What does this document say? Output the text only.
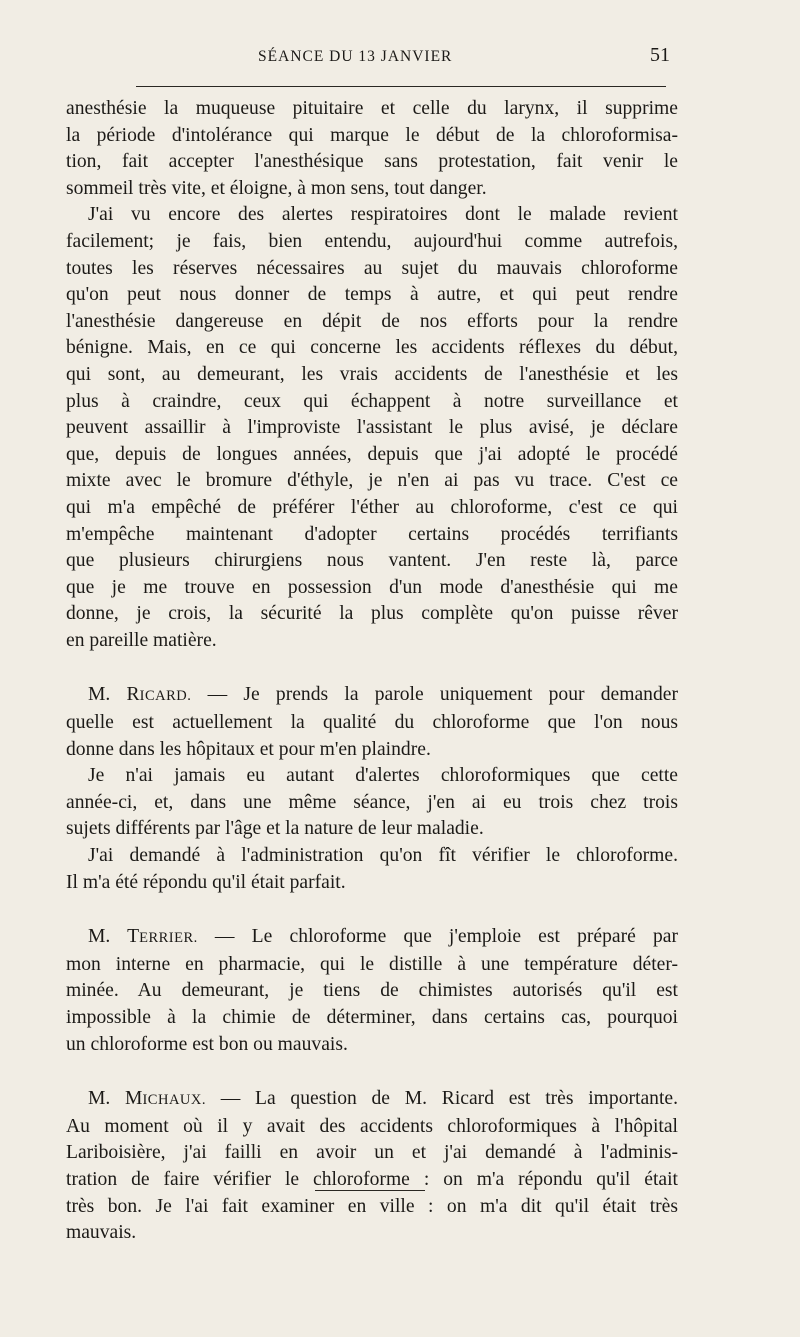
SÉANCE DU 13 JANVIER	51
anesthésie la muqueuse pituitaire et celle du larynx, il supprime
la période d'intolérance qui marque le début de la chloroformisa-
tion, fait accepter l'anesthésique sans protestation, fait venir le
sommeil très vite, et éloigne, à mon sens, tout danger.
J'ai vu encore des alertes respiratoires dont le malade revient
facilement; je fais, bien entendu, aujourd'hui comme autrefois,
toutes les réserves nécessaires au sujet du mauvais chloroforme
qu'on peut nous donner de temps à autre, et qui peut rendre
l'anesthésie dangereuse en dépit de nos efforts pour la rendre
bénigne. Mais, en ce qui concerne les accidents réflexes du début,
qui sont, au demeurant, les vrais accidents de l'anesthésie et les
plus à craindre, ceux qui échappent à notre surveillance et
peuvent assaillir à l'improviste l'assistant le plus avisé, je déclare
que, depuis de longues années, depuis que j'ai adopté le procédé
mixte avec le bromure d'éthyle, je n'en ai pas vu trace. C'est ce
qui m'a empêché de préférer l'éther au chloroforme, c'est ce qui
m'empêche maintenant d'adopter certains procédés terrifiants
que plusieurs chirurgiens nous vantent. J'en reste là, parce
que je me trouve en possession d'un mode d'anesthésie qui me
donne, je crois, la sécurité la plus complète qu'on puisse rêver
en pareille matière.
M. RICARD. — Je prends la parole uniquement pour demander
quelle est actuellement la qualité du chloroforme que l'on nous
donne dans les hôpitaux et pour m'en plaindre.
Je n'ai jamais eu autant d'alertes chloroformiques que cette
année-ci, et, dans une même séance, j'en ai eu trois chez trois
sujets différents par l'âge et la nature de leur maladie.
J'ai demandé à l'administration qu'on fît vérifier le chloroforme.
Il m'a été répondu qu'il était parfait.
M. TERRIER. — Le chloroforme que j'emploie est préparé par
mon interne en pharmacie, qui le distille à une température déter-
minée. Au demeurant, je tiens de chimistes autorisés qu'il est
impossible à la chimie de déterminer, dans certains cas, pourquoi
un chloroforme est bon ou mauvais.
M. MICHAUX. — La question de M. Ricard est très importante.
Au moment où il y avait des accidents chloroformiques à l'hôpital
Lariboisière, j'ai failli en avoir un et j'ai demandé à l'adminis-
tration de faire vérifier le chloroforme : on m'a répondu qu'il était
très bon. Je l'ai fait examiner en ville : on m'a dit qu'il était très
mauvais.
